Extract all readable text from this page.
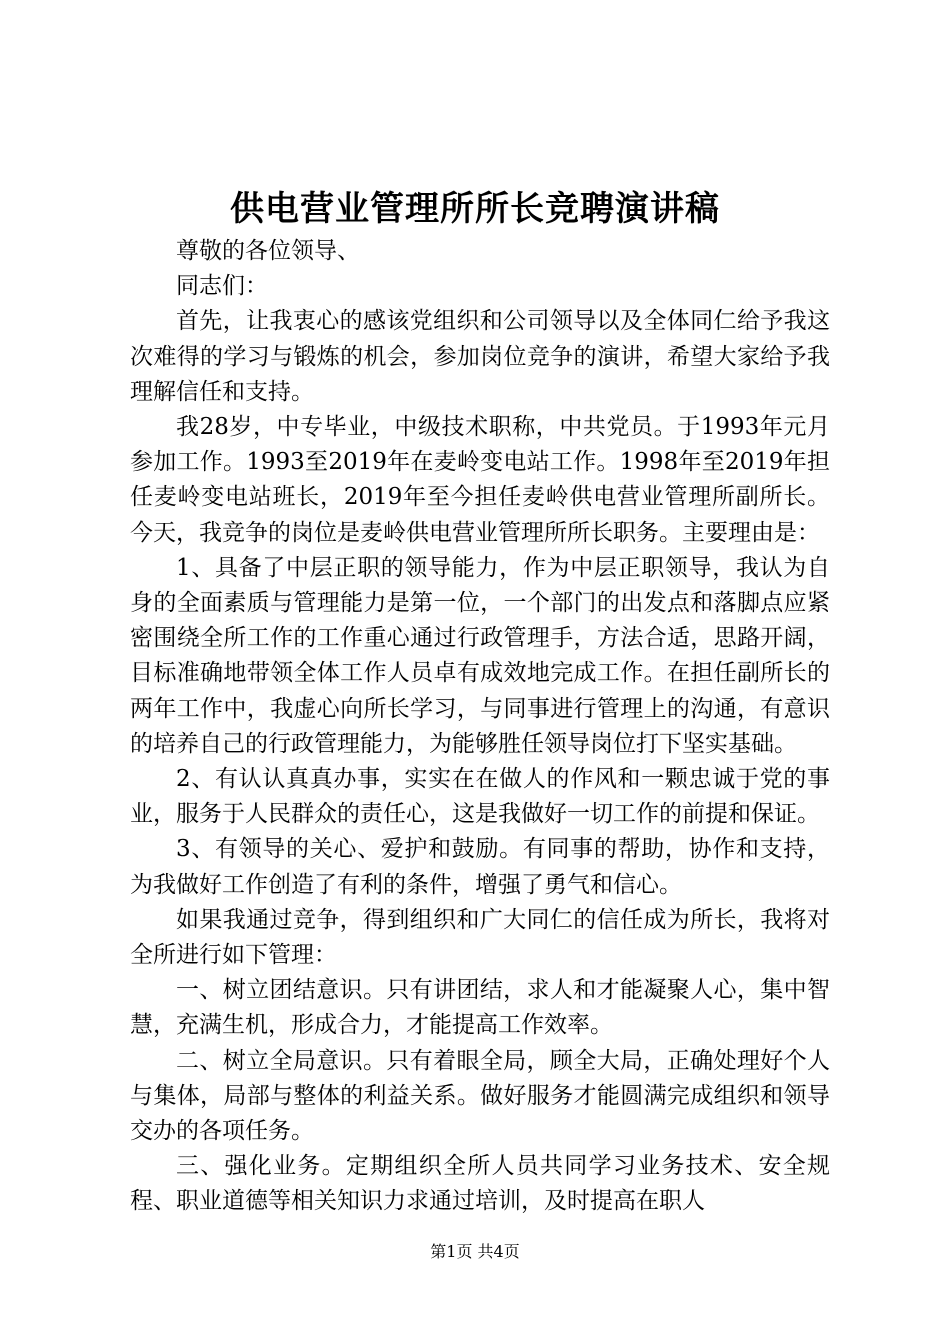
供电营业管理所所长竞聘演讲稿

尊敬的各位领导、

同志们：

首先，让我衷心的感该党组织和公司领导以及全体同仁给予我这次难得的学习与锻炼的机会，参加岗位竞争的演讲，希望大家给予我理解信任和支持。

我28岁，中专毕业，中级技术职称，中共党员。于1993年元月参加工作。1993至2019年在麦岭变电站工作。1998年至2019年担任麦岭变电站班长，2019年至今担任麦岭供电营业管理所副所长。今天，我竞争的岗位是麦岭供电营业管理所所长职务。主要理由是：

1、具备了中层正职的领导能力，作为中层正职领导，我认为自身的全面素质与管理能力是第一位，一个部门的出发点和落脚点应紧密围绕全所工作的工作重心通过行政管理手，方法合适，思路开阔，目标准确地带领全体工作人员卓有成效地完成工作。在担任副所长的两年工作中，我虚心向所长学习，与同事进行管理上的沟通，有意识的培养自己的行政管理能力，为能够胜任领导岗位打下坚实基础。

2、有认认真真办事，实实在在做人的作风和一颗忠诚于党的事业，服务于人民群众的责任心，这是我做好一切工作的前提和保证。

3、有领导的关心、爱护和鼓励。有同事的帮助，协作和支持，为我做好工作创造了有利的条件，增强了勇气和信心。

如果我通过竞争，得到组织和广大同仁的信任成为所长，我将对全所进行如下管理：

一、树立团结意识。只有讲团结，求人和才能凝聚人心，集中智慧，充满生机，形成合力，才能提高工作效率。

二、树立全局意识。只有着眼全局，顾全大局，正确处理好个人与集体，局部与整体的利益关系。做好服务才能圆满完成组织和领导交办的各项任务。

三、强化业务。定期组织全所人员共同学习业务技术、安全规程、职业道德等相关知识力求通过培训，及时提高在职人

第1页 共4页
